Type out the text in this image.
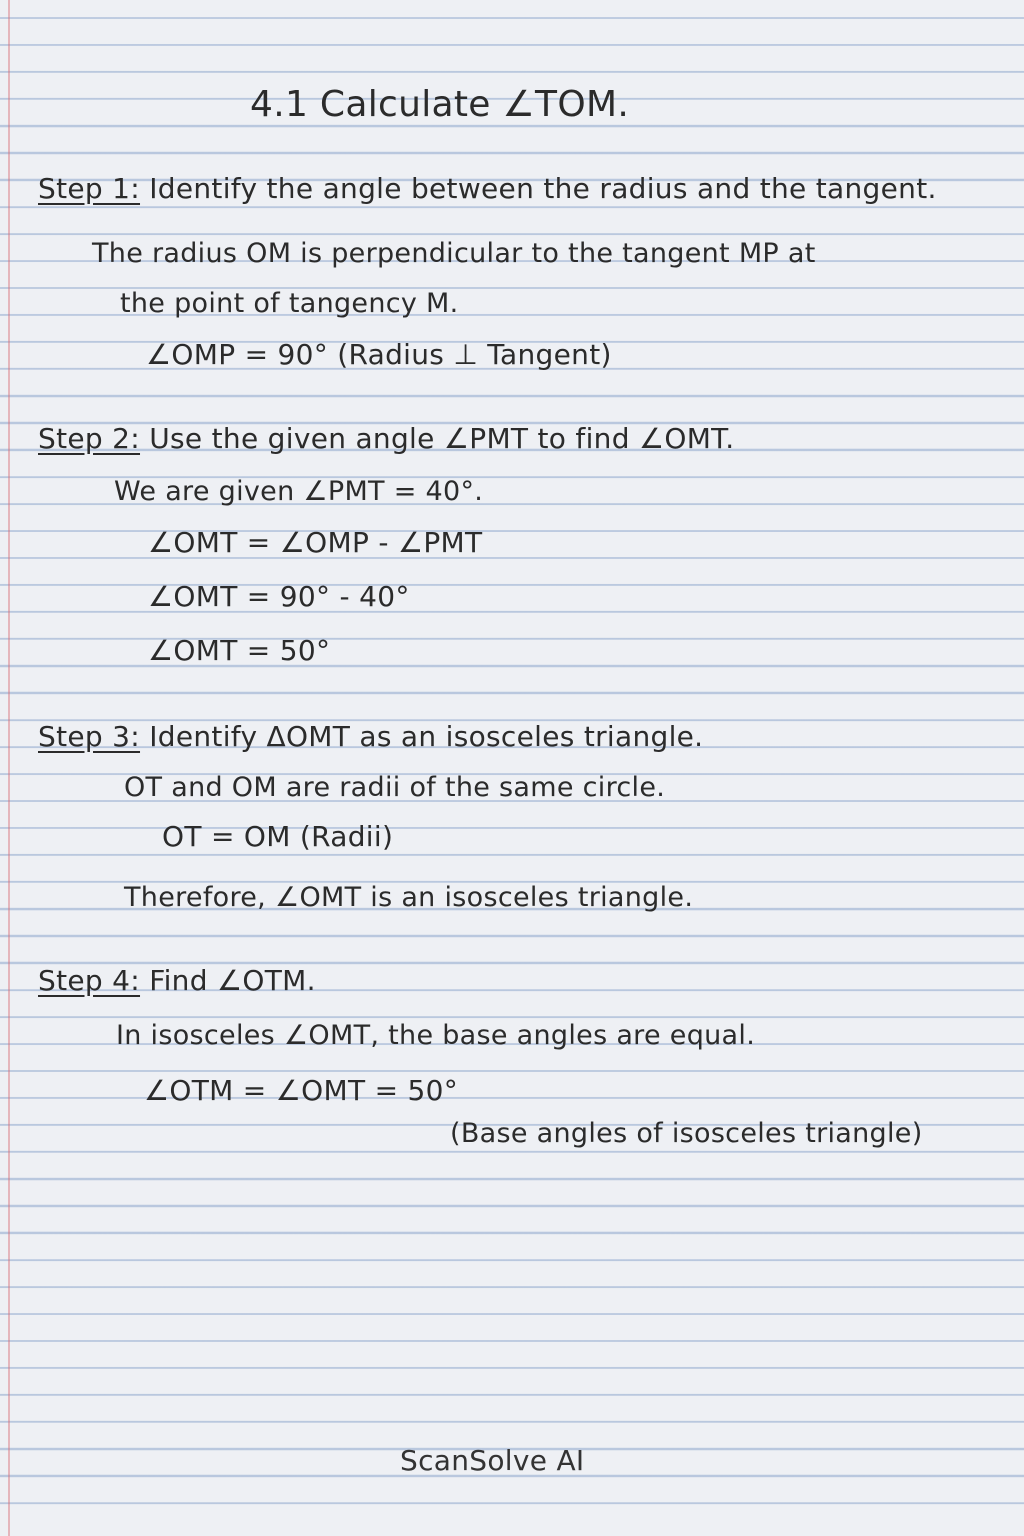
4.1 Calculate ∠TOM.
Step 1: Identify the angle between the radius and the tangent.
The radius OM is perpendicular to the tangent MP at
the point of tangency M.
∠OMP = 90° (Radius ⊥ Tangent)
Step 2: Use the given angle ∠PMT to find ∠OMT.
We are given ∠PMT = 40°.
∠OMT = ∠OMP - ∠PMT
∠OMT = 90° - 40°
∠OMT = 50°
Step 3: Identify ΔOMT as an isosceles triangle.
OT and OM are radii of the same circle.
OT = OM (Radii)
Therefore, ∠OMT is an isosceles triangle.
Step 4: Find ∠OTM.
In isosceles ∠OMT, the base angles are equal.
∠OTM = ∠OMT = 50°
(Base angles of isosceles triangle)
ScanSolve AI
